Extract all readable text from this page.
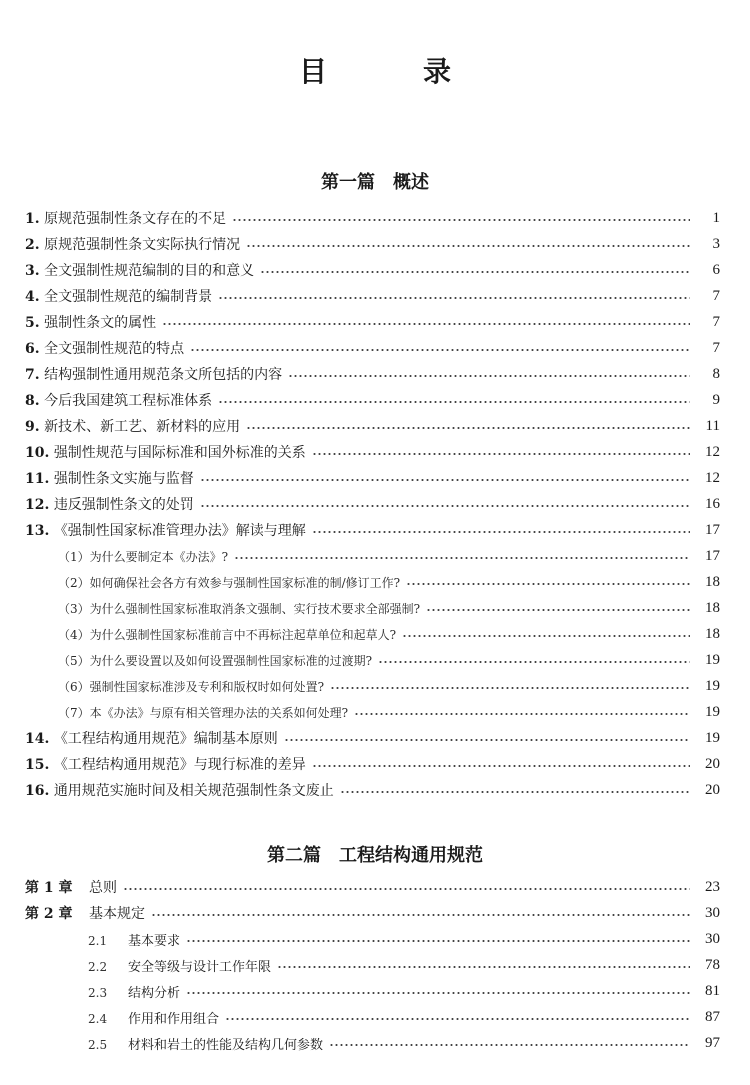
目　录
第一篇 概述
1. 原规范强制性条文存在的不足	1
2. 原规范强制性条文实际执行情况	3
3. 全文强制性规范编制的目的和意义	6
4. 全文强制性规范的编制背景	7
5. 强制性条文的属性	7
6. 全文强制性规范的特点	7
7. 结构强制性通用规范条文所包括的内容	8
8. 今后我国建筑工程标准体系	9
9. 新技术、新工艺、新材料的应用	11
10. 强制性规范与国际标准和国外标准的关系	12
11. 强制性条文实施与监督	12
12. 违反强制性条文的处罚	16
13. 《强制性国家标准管理办法》解读与理解	17
（1）为什么要制定本《办法》?	17
（2）如何确保社会各方有效参与强制性国家标准的制/修订工作?	18
（3）为什么强制性国家标准取消条文强制、实行技术要求全部强制?	18
（4）为什么强制性国家标准前言中不再标注起草单位和起草人?	18
（5）为什么要设置以及如何设置强制性国家标准的过渡期?	19
（6）强制性国家标准涉及专利和版权时如何处置?	19
（7）本《办法》与原有相关管理办法的关系如何处理?	19
14. 《工程结构通用规范》编制基本原则	19
15. 《工程结构通用规范》与现行标准的差异	20
16. 通用规范实施时间及相关规范强制性条文废止	20
第二篇 工程结构通用规范
第 1 章 总则	23
第 2 章 基本规定	30
2.1 基本要求	30
2.2 安全等级与设计工作年限	78
2.3 结构分析	81
2.4 作用和作用组合	87
2.5 材料和岩土的性能及结构几何参数	97
